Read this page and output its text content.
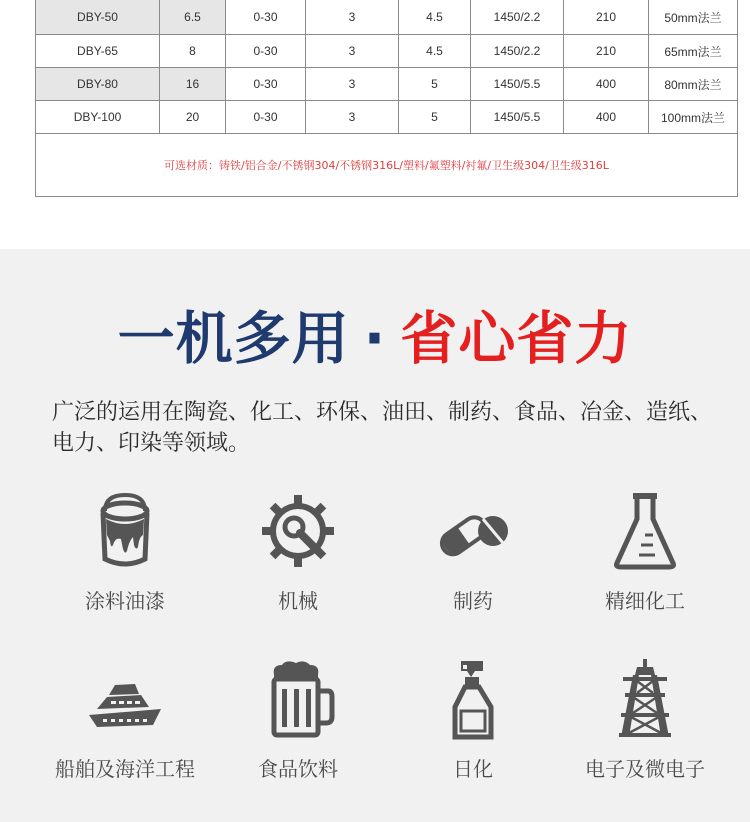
DBY-50	6.5	0-30	3	4.5	1450/2.2	210	50mm法兰
DBY-65	8	0-30	3	4.5	1450/2.2	210	65mm法兰
DBY-80	16	0-30	3	5	1450/5.5	400	80mm法兰
DBY-100	20	0-30	3	5	1450/5.5	400	100mm法兰
可选材质：铸铁/铝合金/不锈钢304/不锈钢316L/塑料/氟塑料/衬氟/卫生级304/卫生级316L							
一机多用 · 省心省力
广泛的运用在陶瓷、化工、环保、油田、制药、食品、冶金、造纸、电力、印染等领域。
涂料油漆	机械	制药	精细化工
船舶及海洋工程	食品饮料	日化	电子及微电子
